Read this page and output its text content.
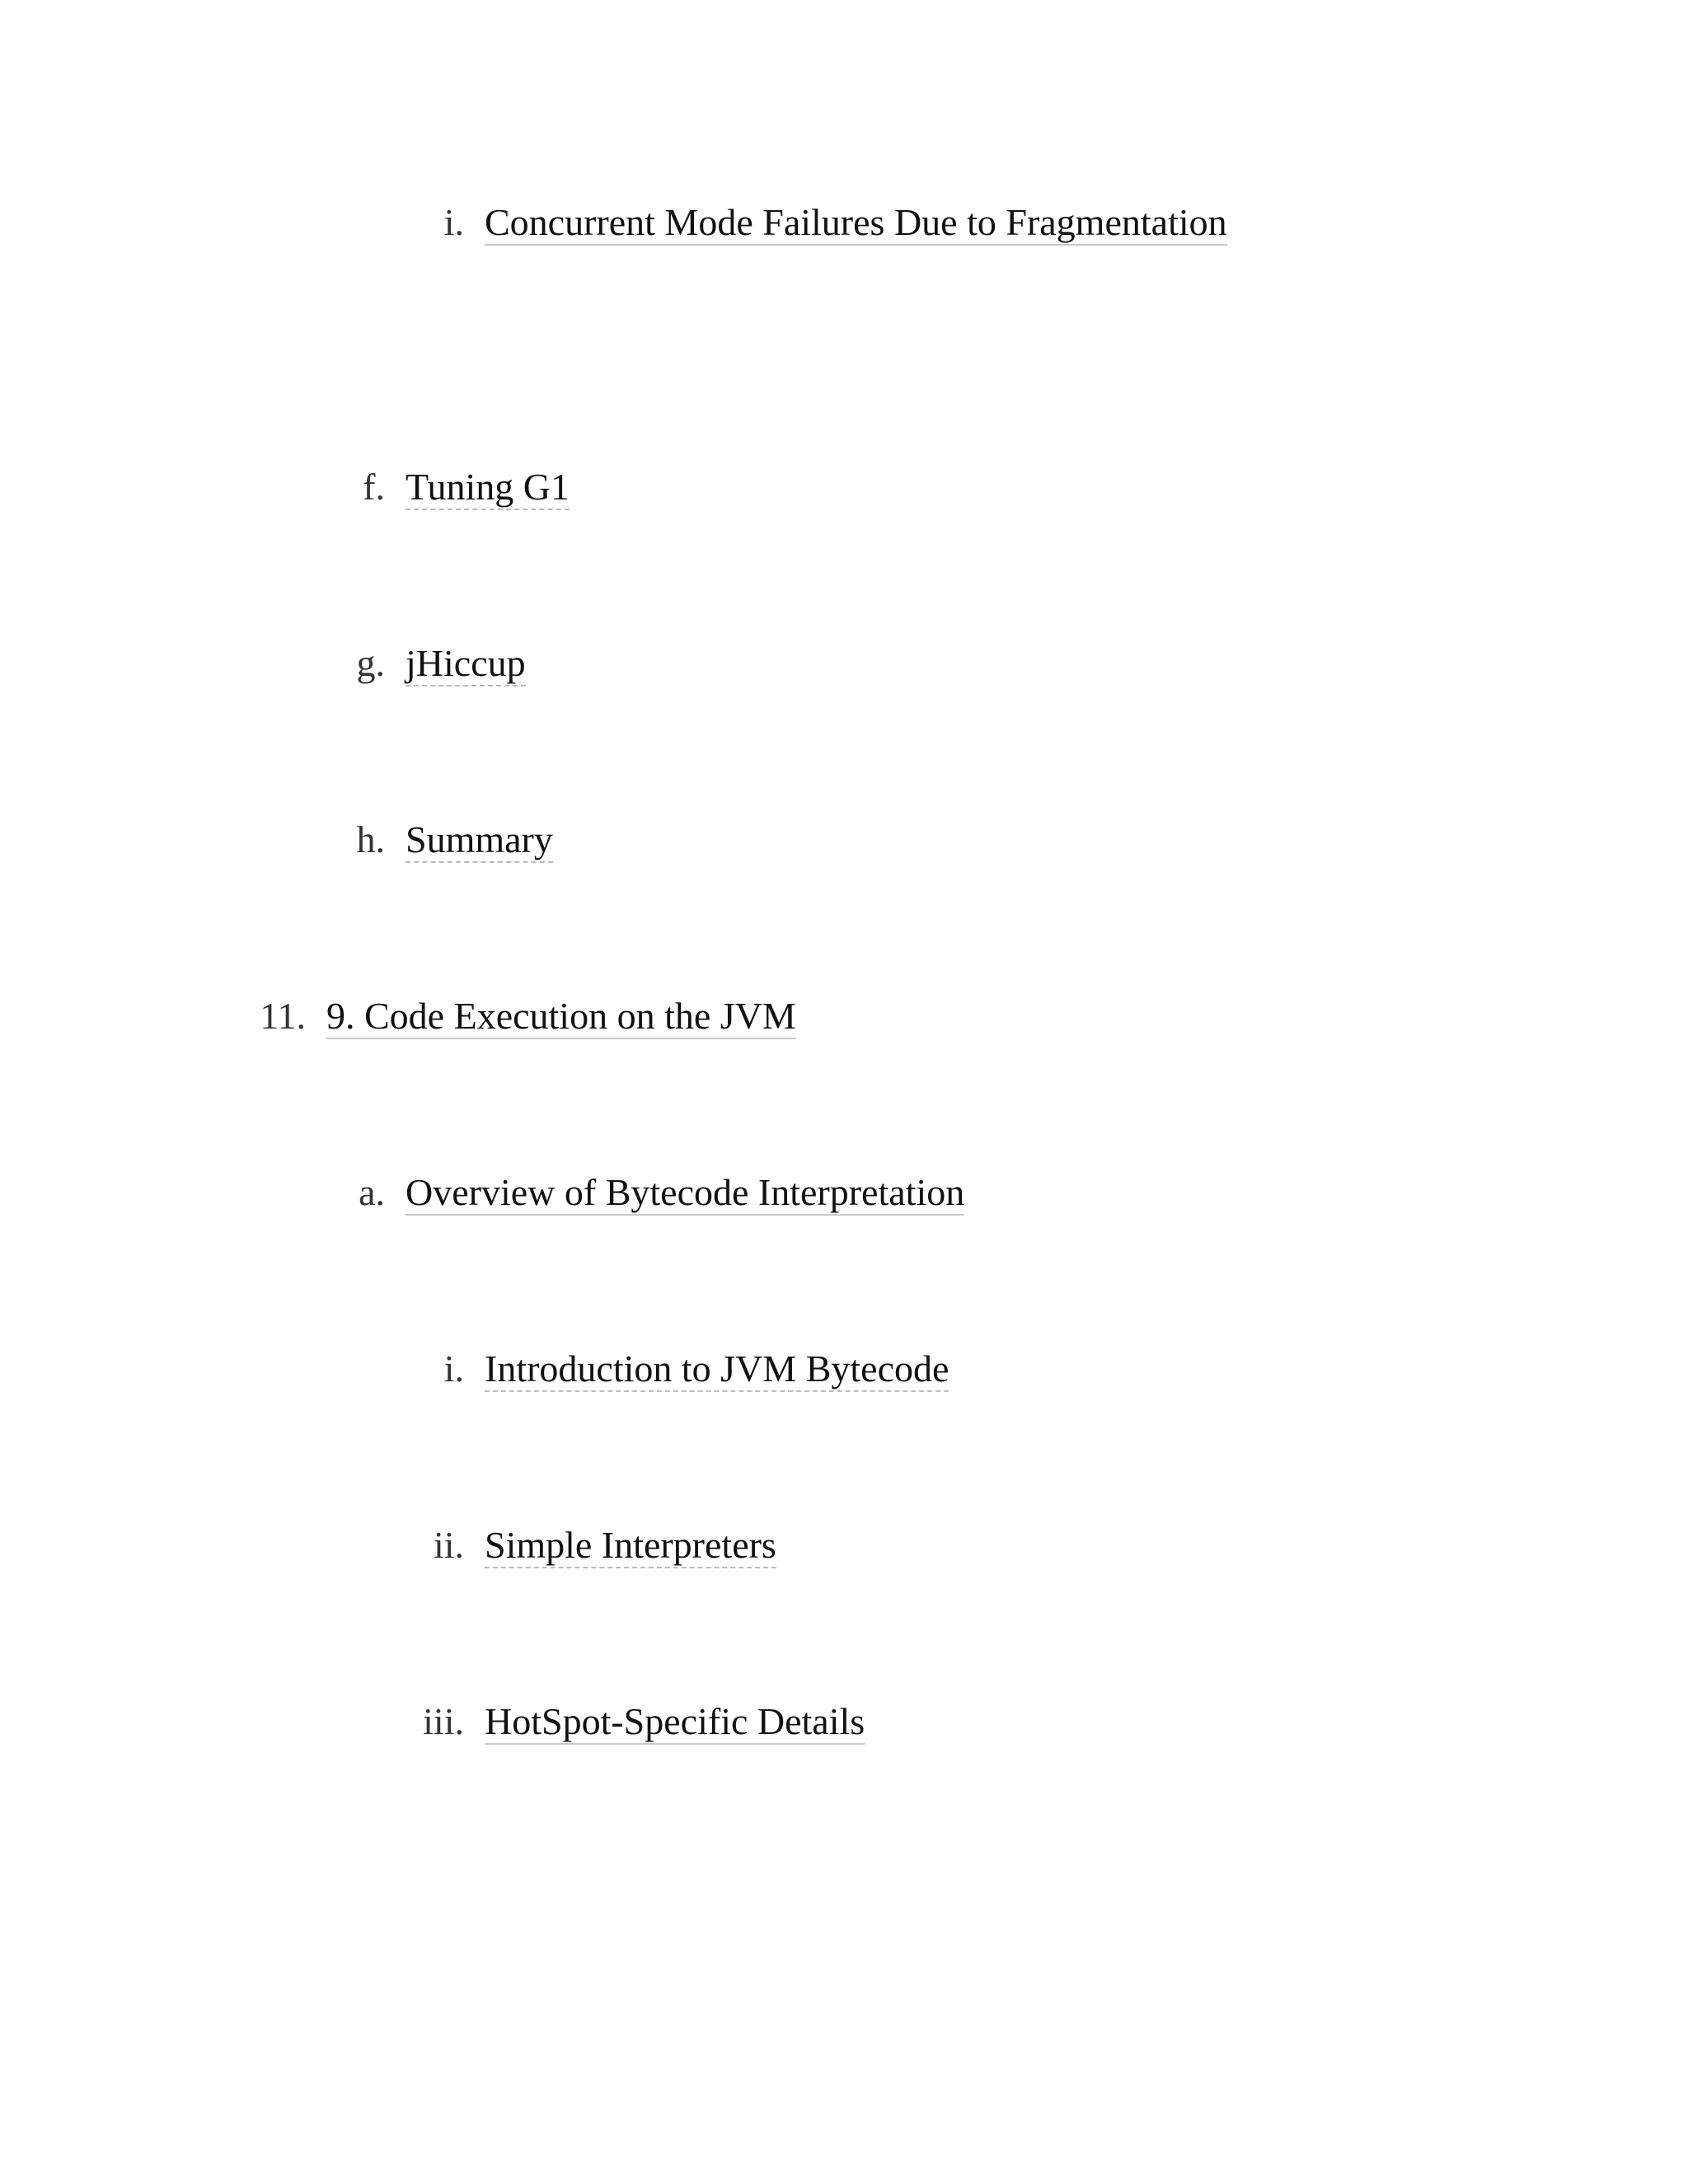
i. Concurrent Mode Failures Due to Fragmentation
f. Tuning G1
g. jHiccup
h. Summary
11. 9. Code Execution on the JVM
a. Overview of Bytecode Interpretation
i. Introduction to JVM Bytecode
ii. Simple Interpreters
iii. HotSpot-Specific Details
